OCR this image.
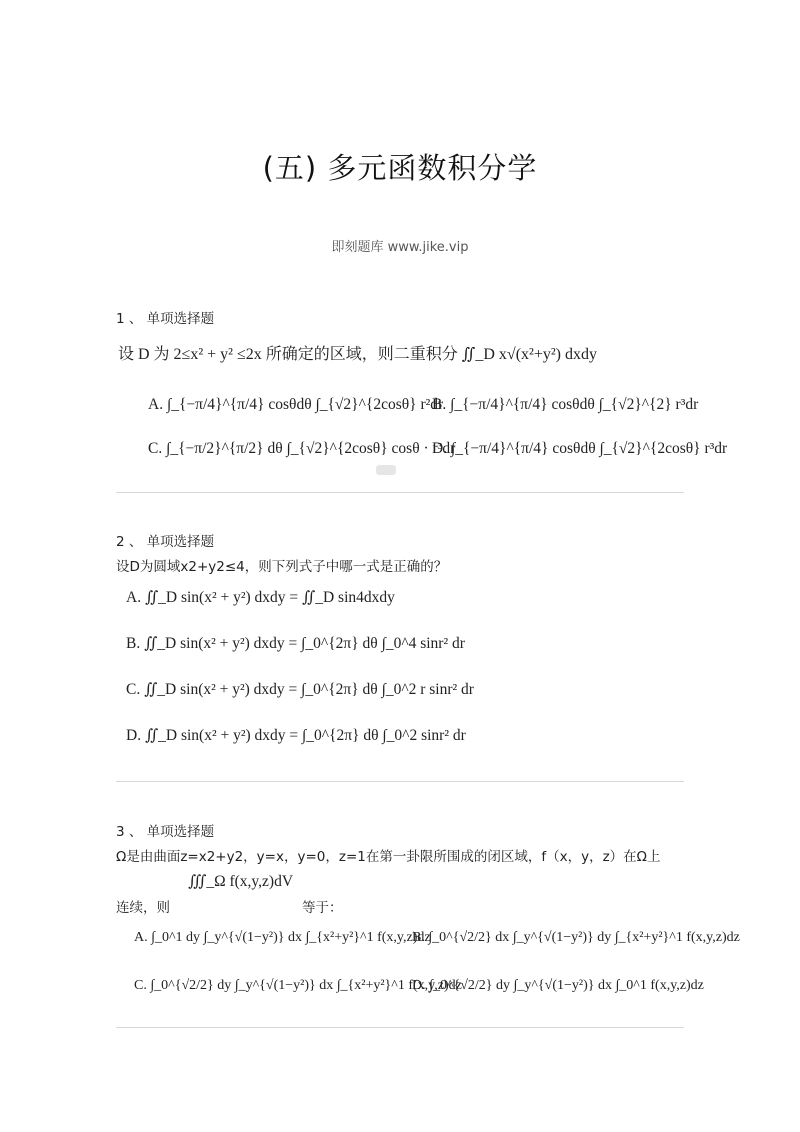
(五) 多元函数积分学
即刻题库 www.jike.vip
1 、 单项选择题
设 D 为 2≤x² + y² ≤2x 所确定的区域，则二重积分 ∬_D x√(x²+y²) dxdy
A. ∫_{−π/4}^{π/4} cosθdθ ∫_{√2}^{2cosθ} r²dr
B. ∫_{−π/4}^{π/4} cosθdθ ∫_{√2}^{2} r³dr
C. ∫_{−π/2}^{π/2} dθ ∫_{√2}^{2cosθ} cosθ · r³dr
D. ∫_{−π/4}^{π/4} cosθdθ ∫_{√2}^{2cosθ} r³dr
2 、 单项选择题
设D为圆域x2+y2≤4，则下列式子中哪一式是正确的？
A. ∬_D sin(x² + y²) dxdy = ∬_D sin4dxdy
B. ∬_D sin(x² + y²) dxdy = ∫_0^{2π} dθ ∫_0^4 sinr² dr
C. ∬_D sin(x² + y²) dxdy = ∫_0^{2π} dθ ∫_0^2 r sinr² dr
D. ∬_D sin(x² + y²) dxdy = ∫_0^{2π} dθ ∫_0^2 sinr² dr
3 、 单项选择题
Ω是由曲面z=x2+y2，y=x，y=0，z=1在第一卦限所围成的闭区域，f（x，y，z）在Ω上
连续，则
∭_Ω f(x,y,z)dV
等于：
A. ∫_0^1 dy ∫_y^{√(1−y²)} dx ∫_{x²+y²}^1 f(x,y,z)dz
B. ∫_0^{√2/2} dx ∫_y^{√(1−y²)} dy ∫_{x²+y²}^1 f(x,y,z)dz
C. ∫_0^{√2/2} dy ∫_y^{√(1−y²)} dx ∫_{x²+y²}^1 f(x,y,z)dz
D. ∫_0^{√2/2} dy ∫_y^{√(1−y²)} dx ∫_0^1 f(x,y,z)dz
